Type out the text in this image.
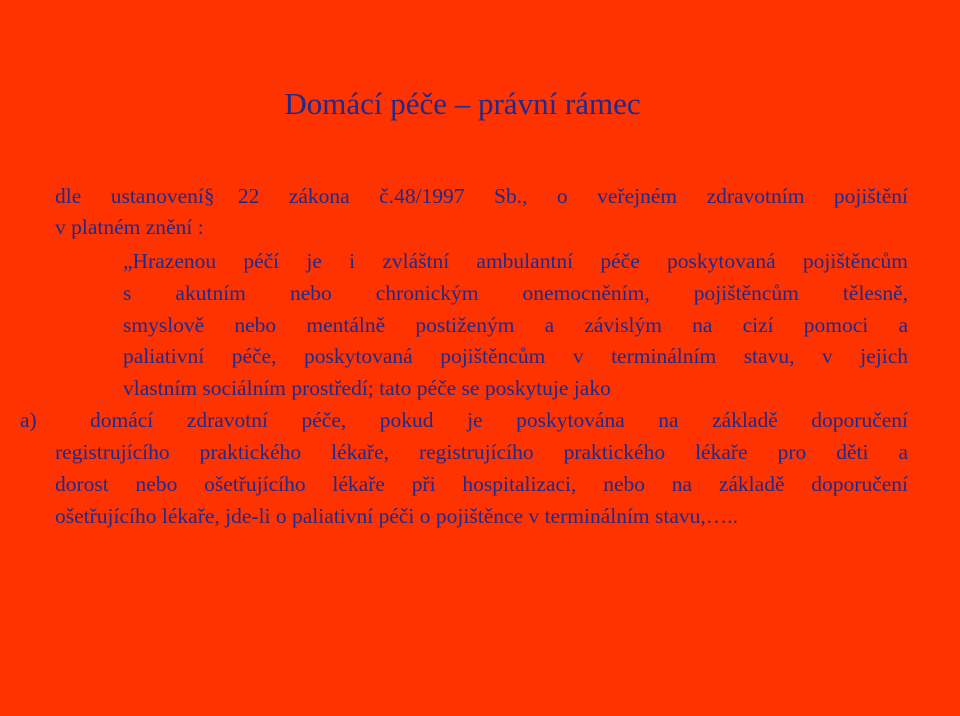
Domácí péče – právní rámec
dle ustanovení§ 22 zákona č.48/1997 Sb., o veřejném zdravotním pojištění
v platném znění :
„Hrazenou péčí je i zvláštní ambulantní péče poskytovaná pojištěncům
s akutním nebo chronickým onemocněním, pojištěncům tělesně,
smyslově nebo mentálně postiženým a závislým na cizí pomoci a
paliativní péče, poskytovaná pojištěncům v terminálním stavu, v jejich
vlastním sociálním prostředí; tato péče se poskytuje jako
a) domácí zdravotní péče, pokud je poskytována na základě doporučení
registrujícího praktického lékaře, registrujícího praktického lékaře pro děti a
dorost nebo ošetřujícího lékaře při hospitalizaci, nebo na základě doporučení
ošetřujícího lékaře, jde-li o paliativní péči o pojištěnce v terminálním stavu,…..
